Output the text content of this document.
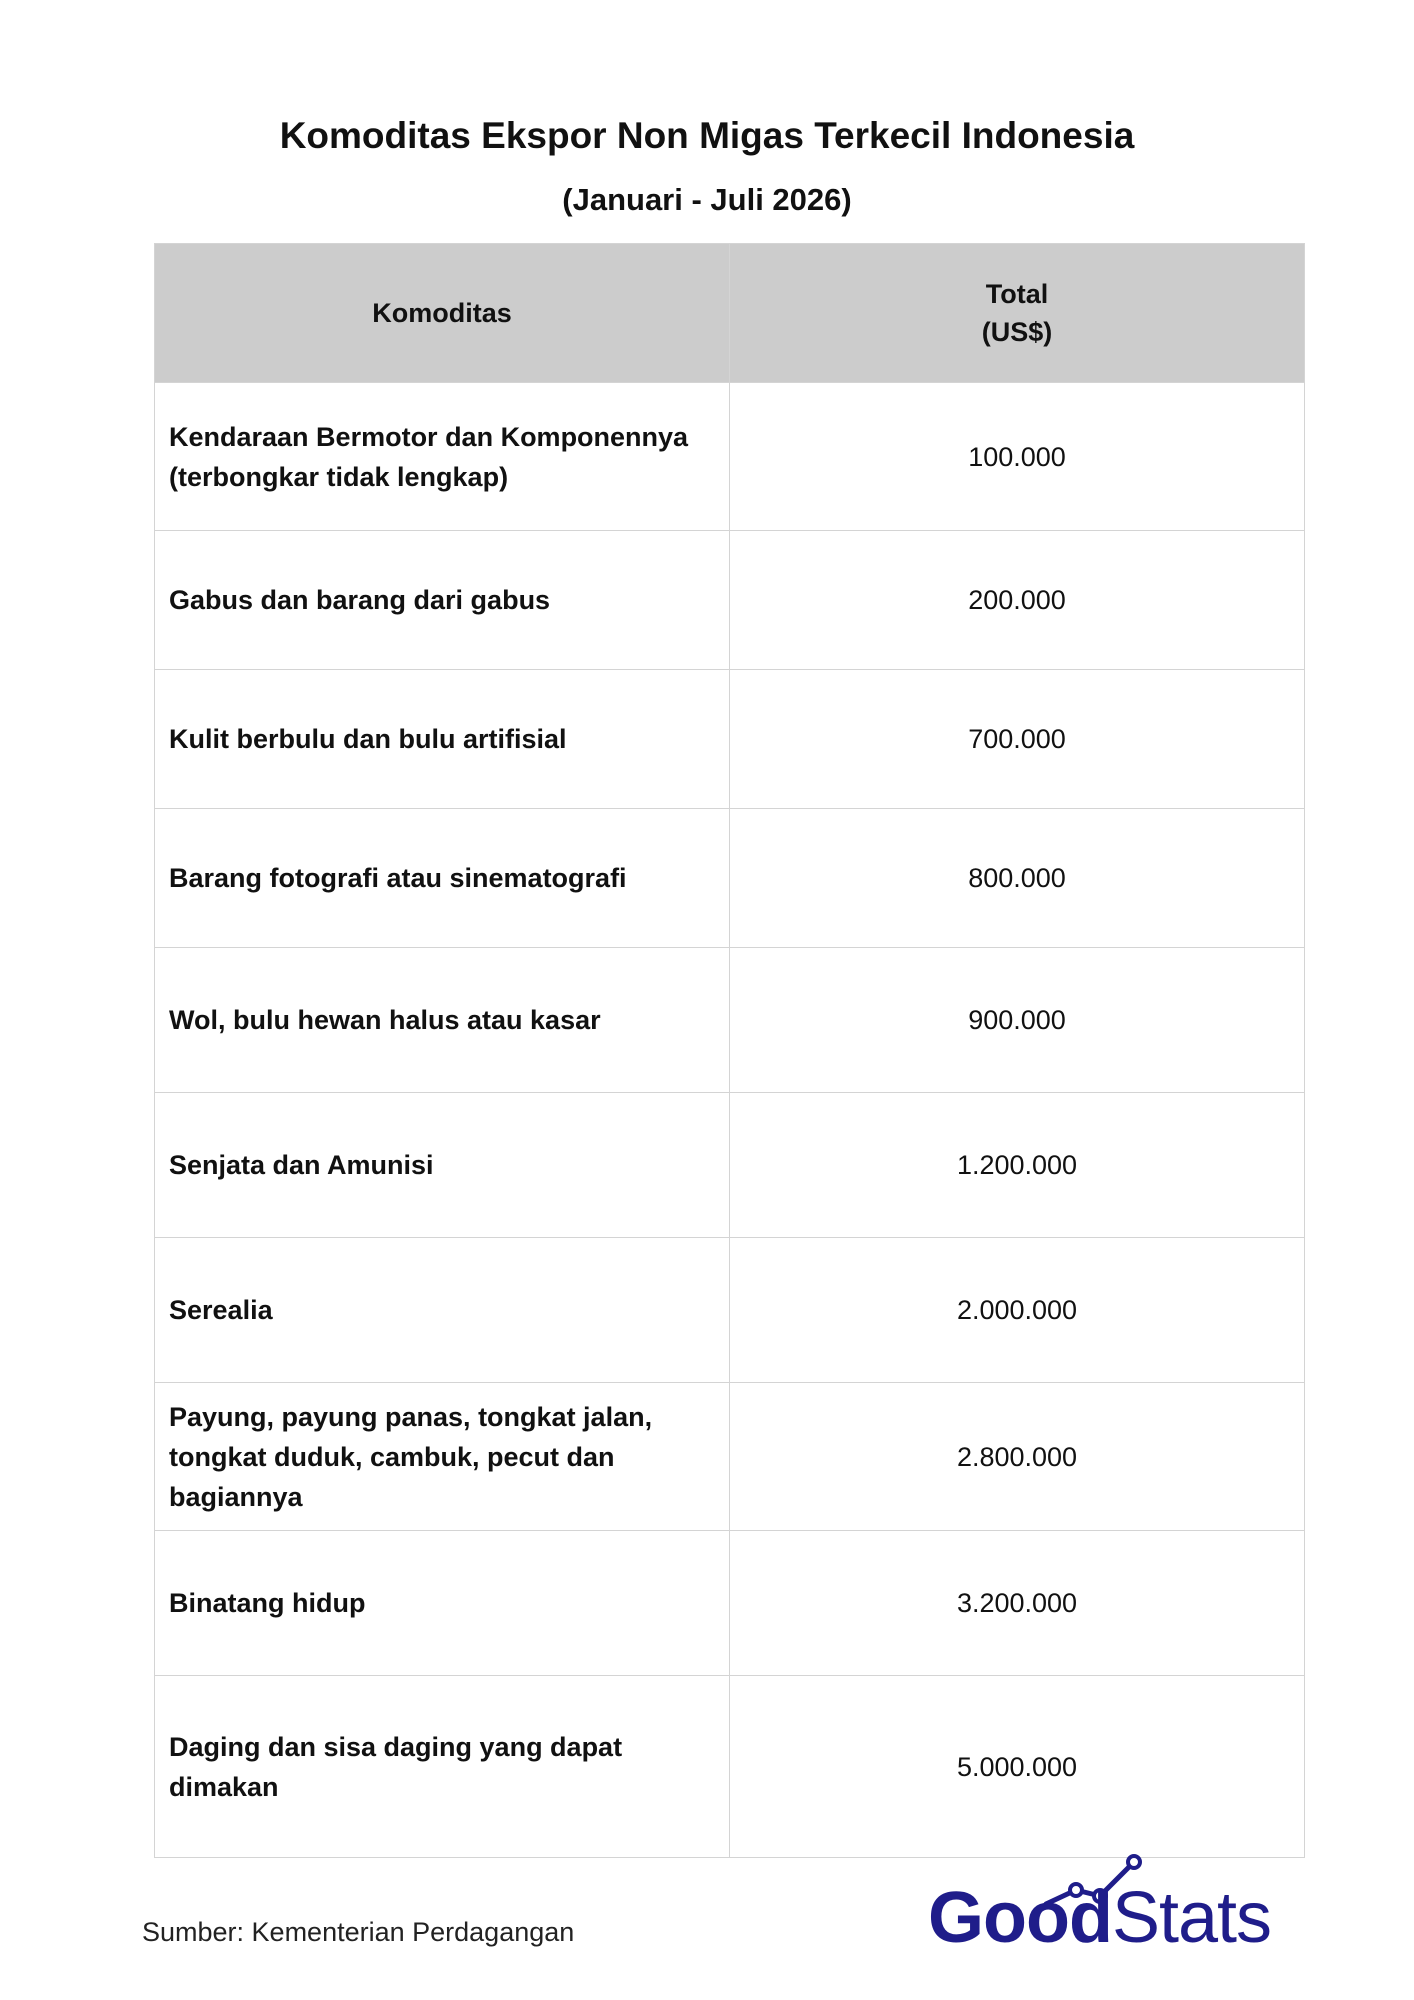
Komoditas Ekspor Non Migas Terkecil Indonesia
(Januari - Juli 2026)
Komoditas	Total
(US$)

Kendaraan Bermotor dan Komponennya (terbongkar tidak lengkap)	100.000
Gabus dan barang dari gabus	200.000
Kulit berbulu dan bulu artifisial	700.000
Barang fotografi atau sinematografi	800.000
Wol, bulu hewan halus atau kasar	900.000
Senjata dan Amunisi	1.200.000
Serealia	2.000.000
Payung, payung panas, tongkat jalan, tongkat duduk, cambuk, pecut dan bagiannya	2.800.000
Binatang hidup	3.200.000
Daging dan sisa daging yang dapat dimakan	5.000.000
Sumber: Kementerian Perdagangan	GoodStats
